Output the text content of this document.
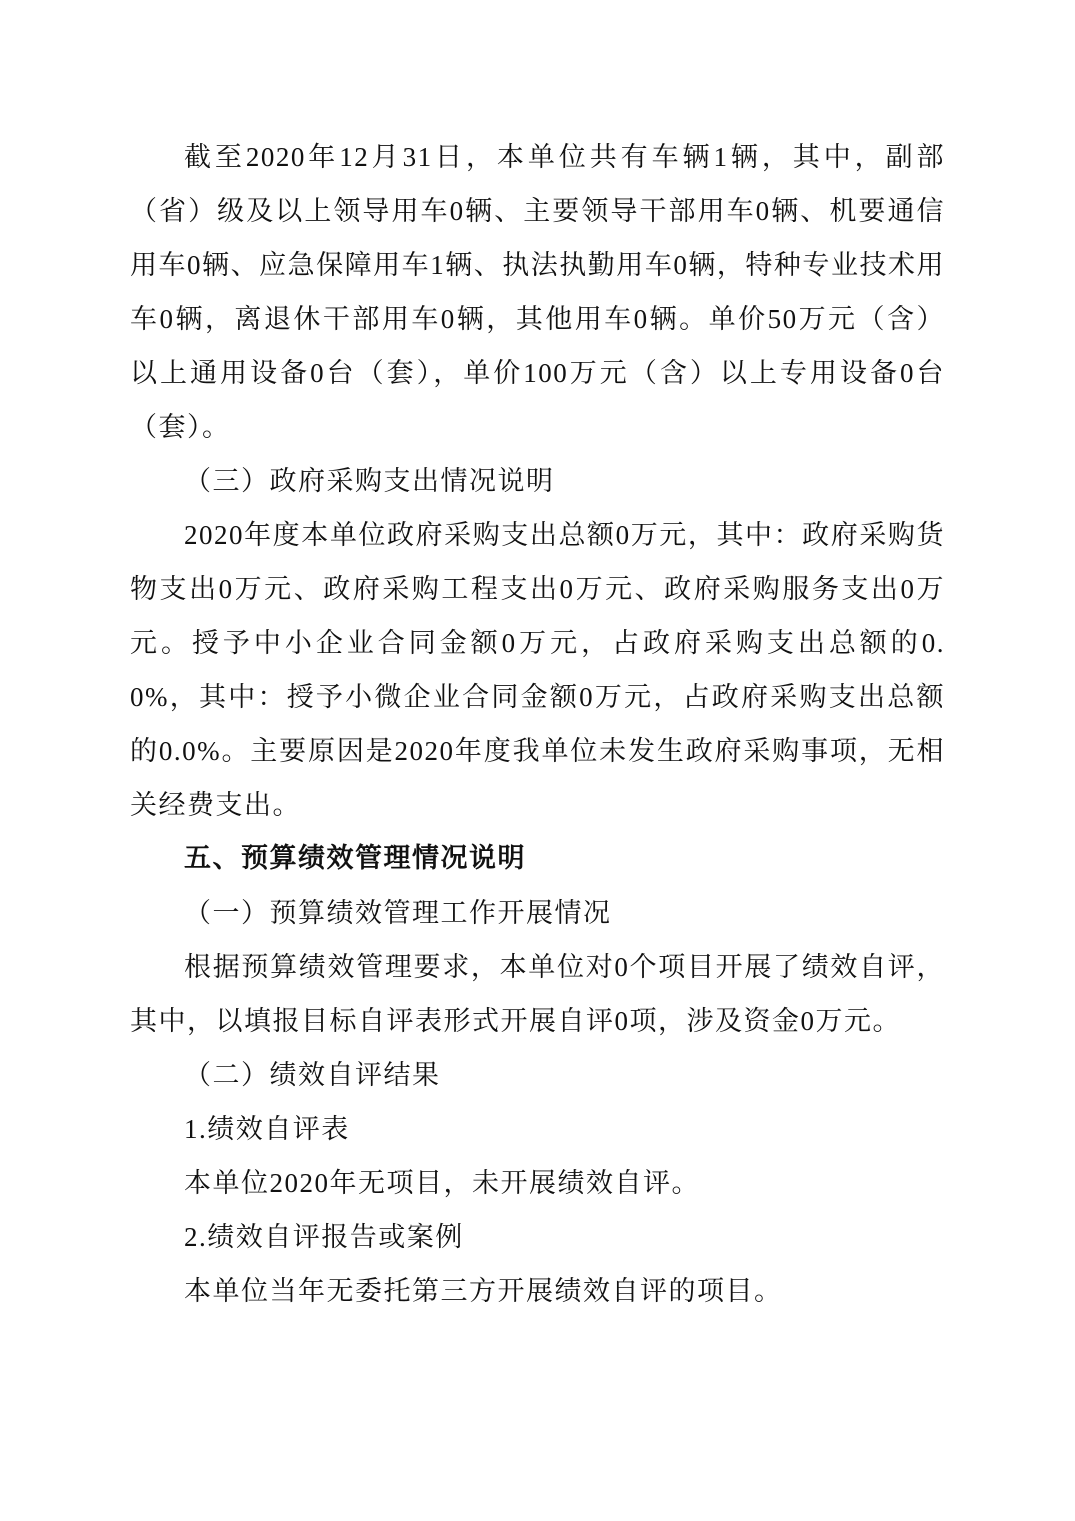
截至2020年12月31日，本单位共有车辆1辆，其中，副部（省）级及以上领导用车0辆、主要领导干部用车0辆、机要通信用车0辆、应急保障用车1辆、执法执勤用车0辆，特种专业技术用车0辆，离退休干部用车0辆，其他用车0辆。单价50万元（含）以上通用设备0台（套），单价100万元（含）以上专用设备0台（套）。

（三）政府采购支出情况说明

2020年度本单位政府采购支出总额0万元，其中：政府采购货物支出0万元、政府采购工程支出0万元、政府采购服务支出0万元。授予中小企业合同金额0万元，占政府采购支出总额的0.0%，其中：授予小微企业合同金额0万元，占政府采购支出总额的0.0%。主要原因是2020年度我单位未发生政府采购事项，无相关经费支出。

五、预算绩效管理情况说明

（一）预算绩效管理工作开展情况

根据预算绩效管理要求，本单位对0个项目开展了绩效自评，其中，以填报目标自评表形式开展自评0项，涉及资金0万元。

（二）绩效自评结果

1.绩效自评表

本单位2020年无项目，未开展绩效自评。

2.绩效自评报告或案例

本单位当年无委托第三方开展绩效自评的项目。
